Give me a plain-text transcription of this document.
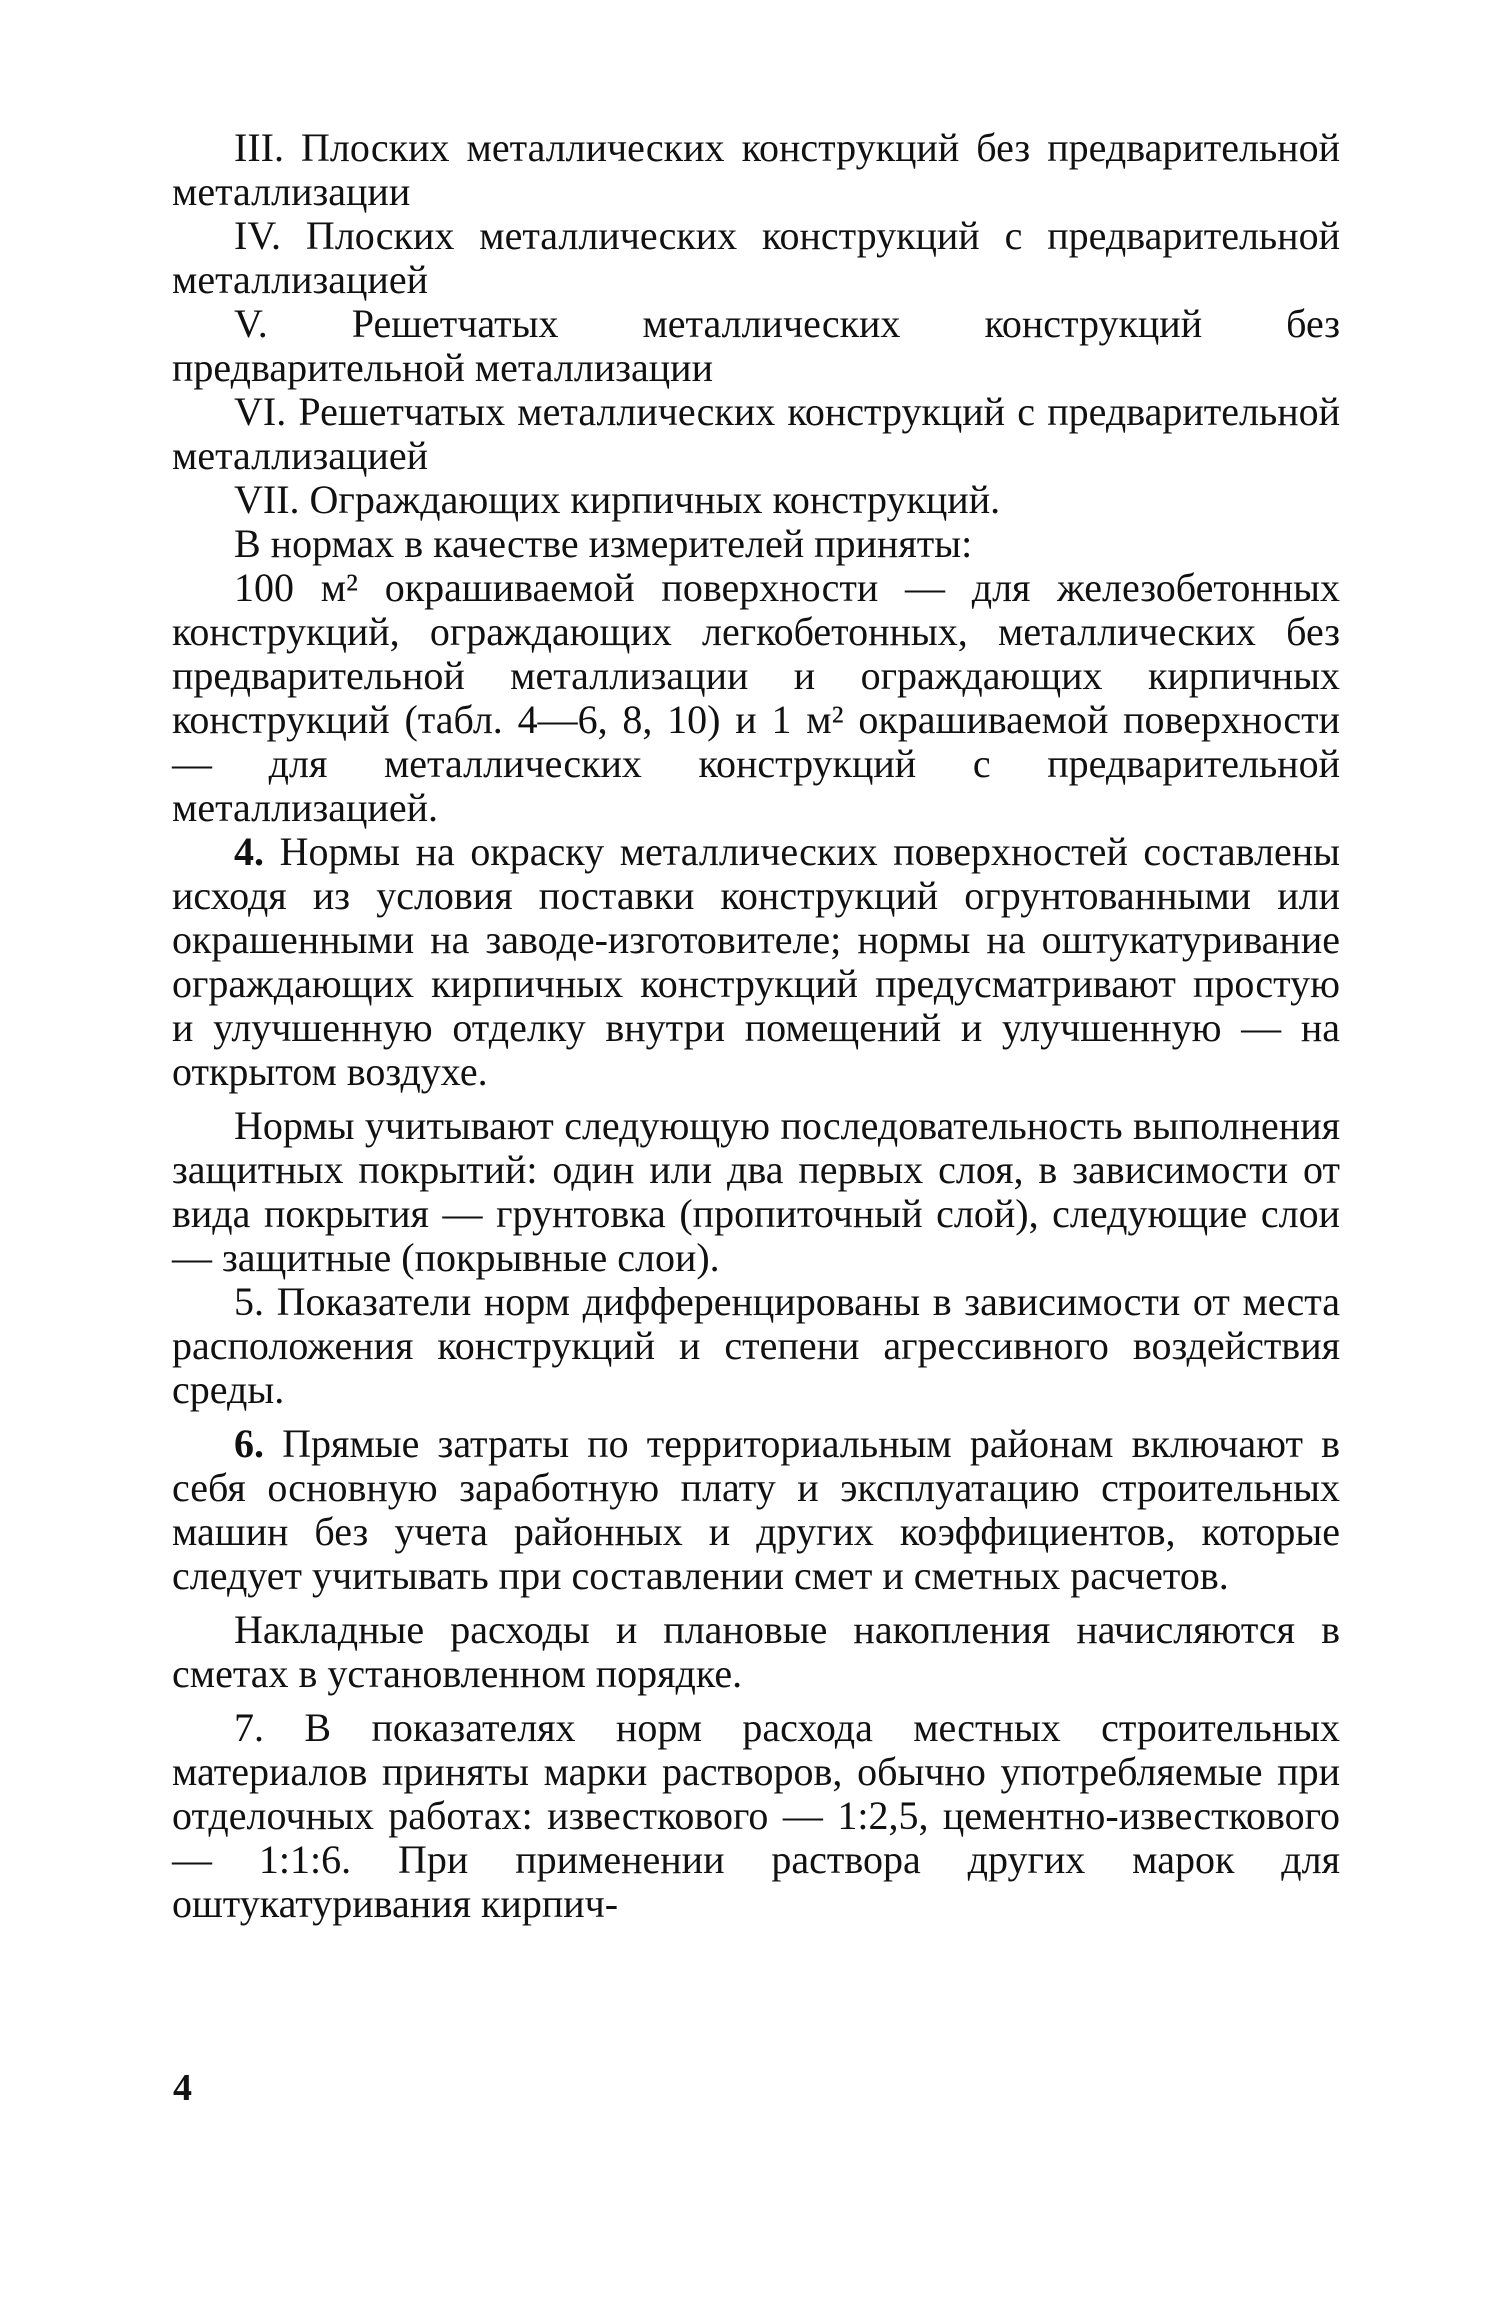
III. Плоских металлических конструкций без предварительной металлизации

IV. Плоских металлических конструкций с предварительной металлизацией

V. Решетчатых металлических конструкций без предварительной металлизации

VI. Решетчатых металлических конструкций с предварительной металлизацией

VII. Ограждающих кирпичных конструкций.

В нормах в качестве измерителей приняты:

100 м² окрашиваемой поверхности — для железобетонных конструкций, ограждающих легкобетонных, металлических без предварительной металлизации и ограждающих кирпичных конструкций (табл. 4—6, 8, 10) и 1 м² окрашиваемой поверхности — для металлических конструкций с предварительной металлизацией.

4. Нормы на окраску металлических поверхностей составлены исходя из условия поставки конструкций огрунтованными или окрашенными на заводе-изготовителе; нормы на оштукатуривание ограждающих кирпичных конструкций предусматривают простую и улучшенную отделку внутри помещений и улучшенную — на открытом воздухе.

Нормы учитывают следующую последовательность выполнения защитных покрытий: один или два первых слоя, в зависимости от вида покрытия — грунтовка (пропиточный слой), следующие слои — защитные (покрывные слои).

5. Показатели норм дифференцированы в зависимости от места расположения конструкций и степени агрессивного воздействия среды.

6. Прямые затраты по территориальным районам включают в себя основную заработную плату и эксплуатацию строительных машин без учета районных и других коэффициентов, которые следует учитывать при составлении смет и сметных расчетов.

Накладные расходы и плановые накопления начисляются в сметах в установленном порядке.

7. В показателях норм расхода местных строительных материалов приняты марки растворов, обычно употребляемые при отделочных работах: известкового — 1:2,5, цементно-известкового — 1:1:6. При применении раствора других марок для оштукатуривания кирпич-

4
